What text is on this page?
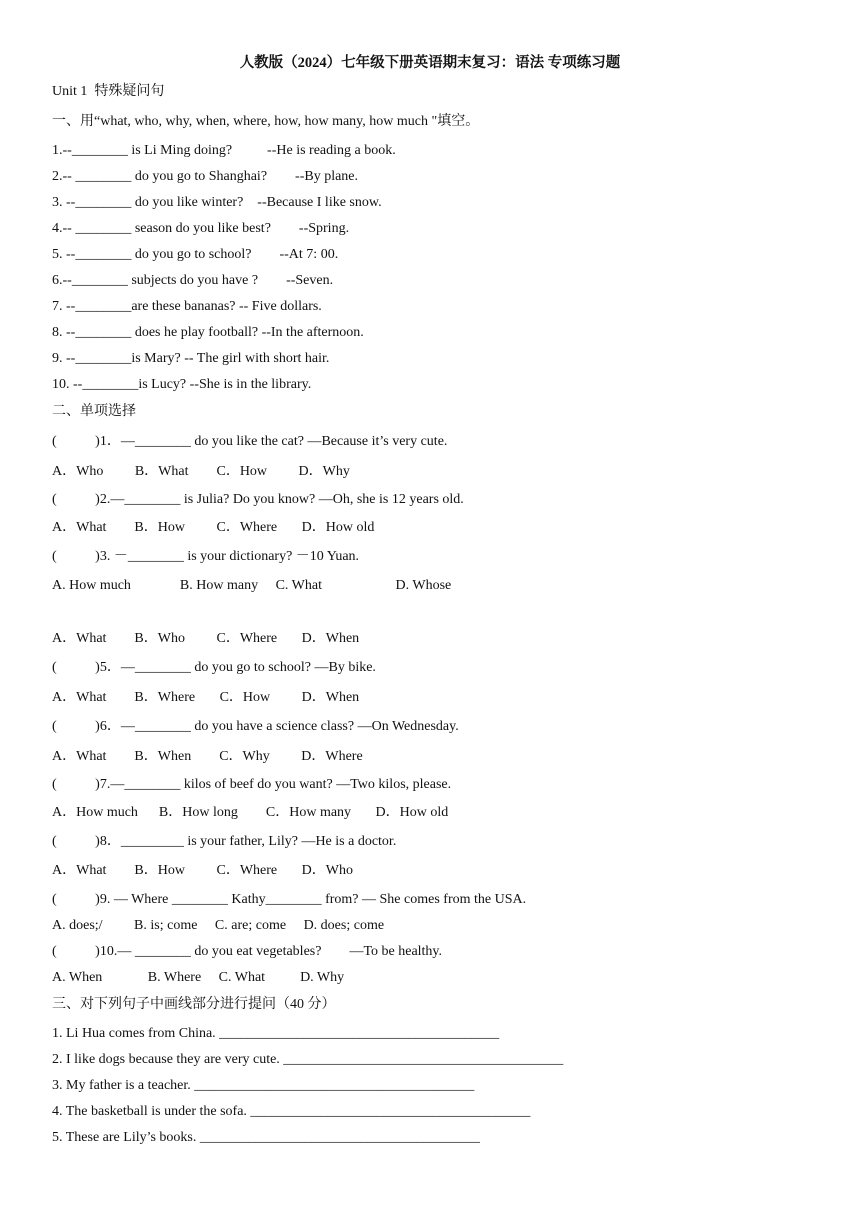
人教版（2024）七年级下册英语期末复习：语法 专项练习题
Unit 1  特殊疑问句
一、用“what, who, why, when, where, how, how many, how much "填空。
1.--________ is Li Ming doing?          --He is reading a book.
2.-- ________ do you go to Shanghai?        --By plane.
3. --________ do you like winter?    --Because I like snow.
4.-- ________ season do you like best?        --Spring.
5. --________ do you go to school?        --At 7: 00.
6.--________ subjects do you have ?        --Seven.
7. --________are these bananas? -- Five dollars.
8. --________ does he play football? --In the afternoon.
9. --________is Mary? -- The girl with short hair.
10. --________is Lucy? --She is in the library.
二、单项选择
(           )1．—________ do you like the cat? —Because it’s very cute.
A．Who         B．What        C．How         D．Why
(           )2.—________ is Julia? Do you know? —Oh, she is 12 years old.
A．What        B．How         C．Where       D．How old
(           )3. －________ is your dictionary? －10 Yuan.
A. How much              B. How many     C. What                     D. Whose
A．What        B．Who         C．Where       D．When
(           )5．—________ do you go to school? —By bike.
A．What        B．Where       C．How         D．When
(           )6．—________ do you have a science class? —On Wednesday.
A．What        B．When        C．Why         D．Where
(           )7.—________ kilos of beef do you want? —Two kilos, please.
A．How much      B．How long        C．How many       D．How old
(           )8．_________ is your father, Lily? —He is a doctor.
A．What        B．How         C．Where       D．Who
(           )9. — Where ________ Kathy________ from? — She comes from the USA.
A. does;/         B. is; come     C. are; come     D. does; come
(           )10.— ________ do you eat vegetables?        —To be healthy.
A. When             B. Where     C. What          D. Why
三、对下列句子中画线部分进行提问（40 分）
1. Li Hua comes from China. ________________________________________
2. I like dogs because they are very cute. ________________________________________
3. My father is a teacher. ________________________________________
4. The basketball is under the sofa. ________________________________________
5. These are Lily’s books. ________________________________________
